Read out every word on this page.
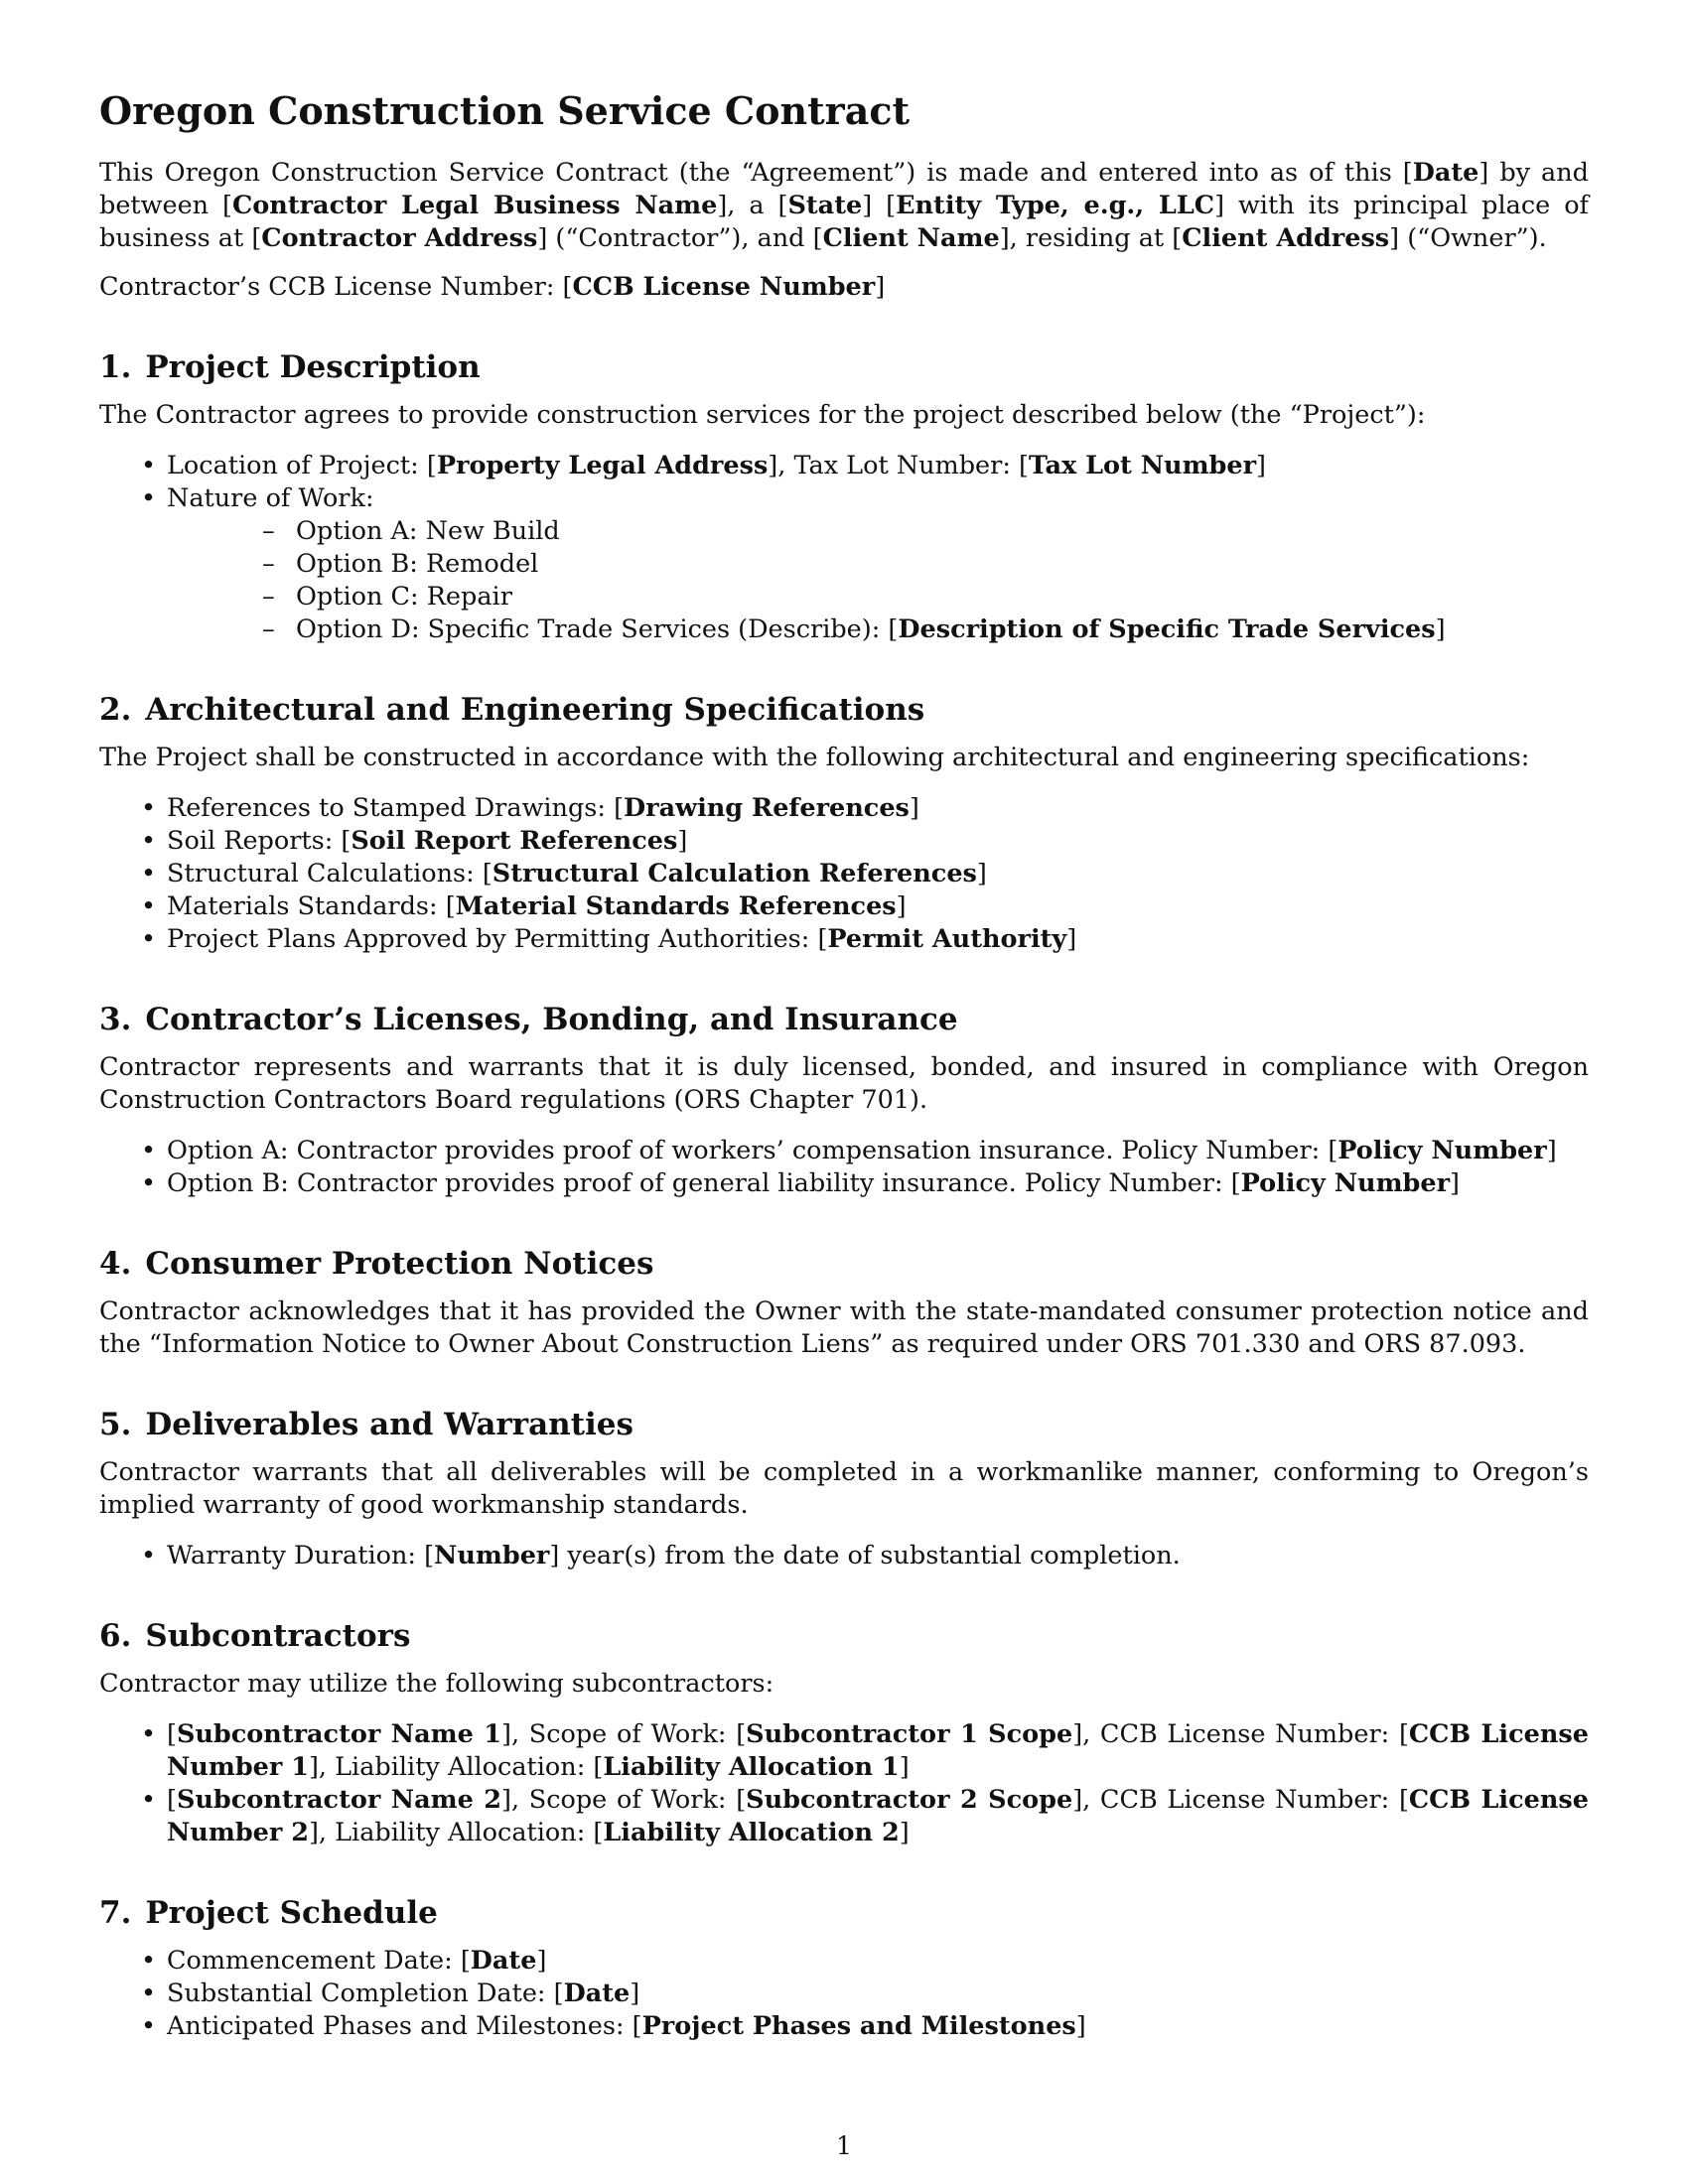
Oregon Construction Service Contract

This Oregon Construction Service Contract (the “Agreement”) is made and entered into as of this [Date] by and between [Contractor Legal Business Name], a [State] [Entity Type, e.g., LLC] with its principal place of business at [Contractor Address] (“Contractor”), and [Client Name], residing at [Client Address] (“Owner”).

Contractor’s CCB License Number: [CCB License Number]

1. Project Description

The Contractor agrees to provide construction services for the project described below (the “Project”):

• Location of Project: [Property Legal Address], Tax Lot Number: [Tax Lot Number]
• Nature of Work:
– Option A: New Build
– Option B: Remodel
– Option C: Repair
– Option D: Specific Trade Services (Describe): [Description of Specific Trade Services]
2. Architectural and Engineering Specifications

The Project shall be constructed in accordance with the following architectural and engineering specifications:

• References to Stamped Drawings: [Drawing References]
• Soil Reports: [Soil Report References]
• Structural Calculations: [Structural Calculation References]
• Materials Standards: [Material Standards References]
• Project Plans Approved by Permitting Authorities: [Permit Authority]
3. Contractor’s Licenses, Bonding, and Insurance

Contractor represents and warrants that it is duly licensed, bonded, and insured in compliance with Oregon Construction Contractors Board regulations (ORS Chapter 701).

• Option A: Contractor provides proof of workers’ compensation insurance. Policy Number: [Policy Number]
• Option B: Contractor provides proof of general liability insurance. Policy Number: [Policy Number]
4. Consumer Protection Notices

Contractor acknowledges that it has provided the Owner with the state-mandated consumer protection notice and the “Information Notice to Owner About Construction Liens” as required under ORS 701.330 and ORS 87.093.

5. Deliverables and Warranties

Contractor warrants that all deliverables will be completed in a workmanlike manner, conforming to Oregon’s implied warranty of good workmanship standards.

• Warranty Duration: [Number] year(s) from the date of substantial completion.
6. Subcontractors

Contractor may utilize the following subcontractors:

• [Subcontractor Name 1], Scope of Work: [Subcontractor 1 Scope], CCB License Number: [CCB License Number 1], Liability Allocation: [Liability Allocation 1]
• [Subcontractor Name 2], Scope of Work: [Subcontractor 2 Scope], CCB License Number: [CCB License Number 2], Liability Allocation: [Liability Allocation 2]
7. Project Schedule
• Commencement Date: [Date]
• Substantial Completion Date: [Date]
• Anticipated Phases and Milestones: [Project Phases and Milestones]
1
